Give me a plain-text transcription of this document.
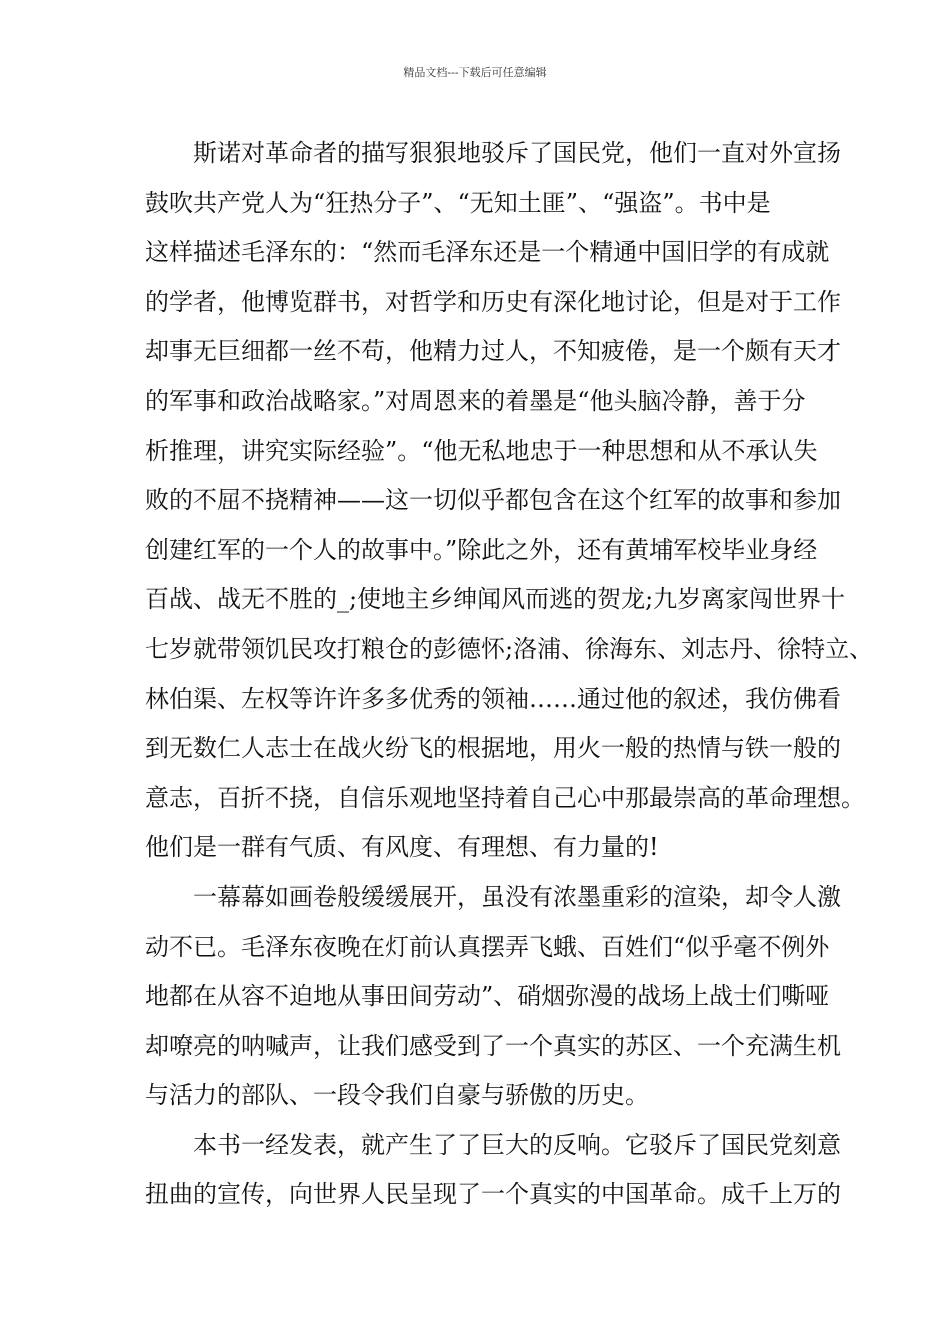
精品文档---下载后可任意编辑
斯诺对革命者的描写狠狠地驳斥了国民党，他们一直对外宣扬
鼓吹共产党人为“狂热分子”、“无知土匪”、“强盗”。书中是
这样描述毛泽东的：“然而毛泽东还是一个精通中国旧学的有成就
的学者，他博览群书，对哲学和历史有深化地讨论，但是对于工作
却事无巨细都一丝不苟，他精力过人，不知疲倦，是一个颇有天才
的军事和政治战略家。”对周恩来的着墨是“他头脑冷静，善于分
析推理，讲究实际经验”。“他无私地忠于一种思想和从不承认失
败的不屈不挠精神——这一切似乎都包含在这个红军的故事和参加
创建红军的一个人的故事中。”除此之外，还有黄埔军校毕业身经
百战、战无不胜的_;使地主乡绅闻风而逃的贺龙;九岁离家闯世界十
七岁就带领饥民攻打粮仓的彭德怀;洛浦、徐海东、刘志丹、徐特立、
林伯渠、左权等许许多多优秀的领袖……通过他的叙述，我仿佛看
到无数仁人志士在战火纷飞的根据地，用火一般的热情与铁一般的
意志，百折不挠，自信乐观地坚持着自己心中那最崇高的革命理想。
他们是一群有气质、有风度、有理想、有力量的!
一幕幕如画卷般缓缓展开，虽没有浓墨重彩的渲染，却令人激
动不已。毛泽东夜晚在灯前认真摆弄飞蛾、百姓们“似乎毫不例外
地都在从容不迫地从事田间劳动”、硝烟弥漫的战场上战士们嘶哑
却嘹亮的呐喊声，让我们感受到了一个真实的苏区、一个充满生机
与活力的部队、一段令我们自豪与骄傲的历史。
本书一经发表，就产生了了巨大的反响。它驳斥了国民党刻意
扭曲的宣传，向世界人民呈现了一个真实的中国革命。成千上万的
